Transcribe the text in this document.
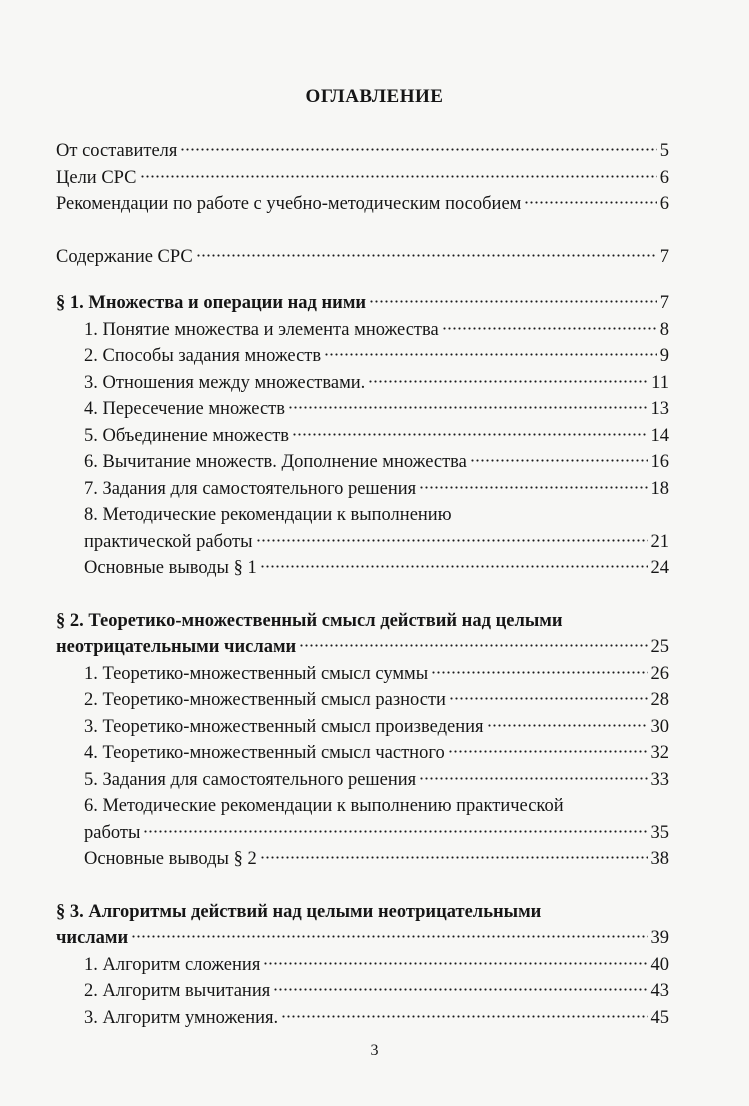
ОГЛАВЛЕНИЕ
От составителя	5
Цели СРС	6
Рекомендации по работе с учебно-методическим пособием	6
Содержание СРС	7
§ 1. Множества и операции над ними	7
1. Понятие множества и элемента множества	8
2. Способы задания множеств	9
3. Отношения между множествами.	11
4. Пересечение множеств	13
5. Объединение множеств	14
6. Вычитание множеств. Дополнение множества	16
7. Задания для самостоятельного решения	18
8. Методические рекомендации к выполнению
практической работы	21
Основные выводы § 1	24
§ 2. Теоретико-множественный смысл действий над целыми
неотрицательными числами	25
1. Теоретико-множественный смысл суммы	26
2. Теоретико-множественный смысл разности	28
3. Теоретико-множественный смысл произведения	30
4. Теоретико-множественный смысл частного	32
5. Задания для самостоятельного решения	33
6. Методические рекомендации к выполнению практической
работы	35
Основные выводы § 2	38
§ 3. Алгоритмы действий над целыми неотрицательными
числами	39
1. Алгоритм сложения	40
2. Алгоритм вычитания	43
3. Алгоритм умножения.	45
3
